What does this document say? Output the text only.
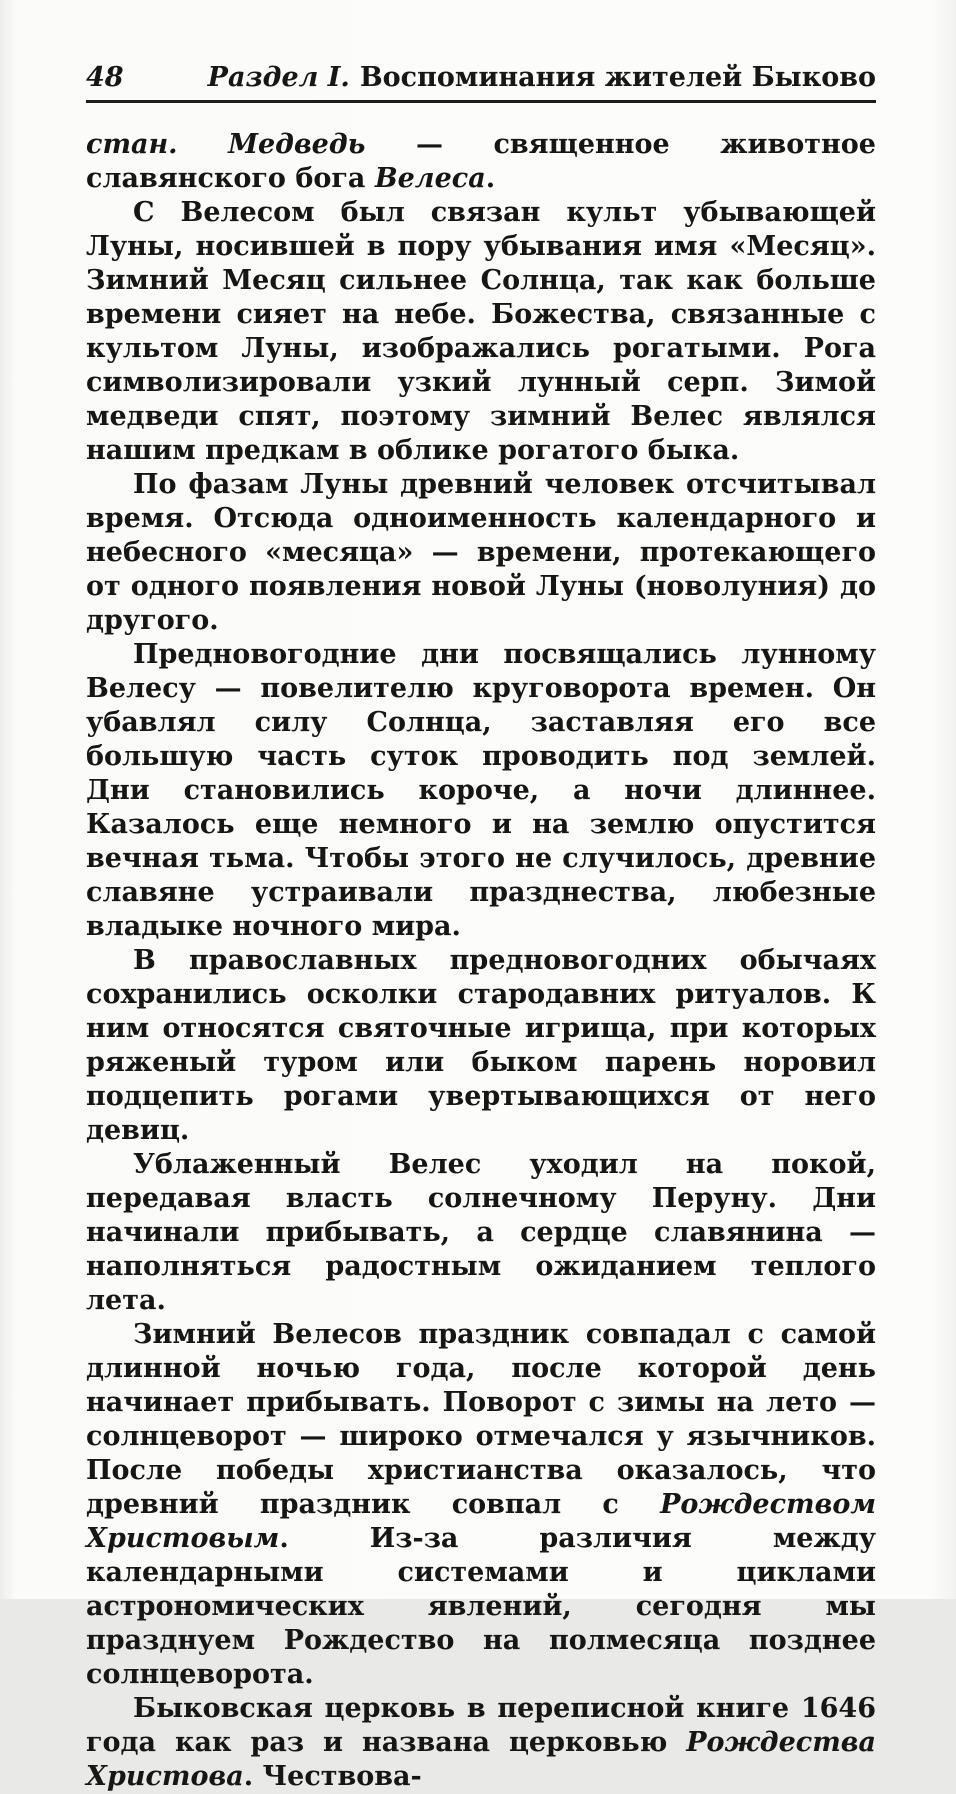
48	Раздел I. Воспоминания жителей Быково

стан. Медведь — священное животное славянского бога Велеса.

С Велесом был связан культ убывающей Луны, носившей в пору убывания имя «Месяц». Зимний Месяц сильнее Солнца, так как больше времени сияет на небе. Божества, связанные с культом Луны, изображались рогатыми. Рога символизировали узкий лунный серп. Зимой медведи спят, поэтому зимний Велес являлся нашим предкам в облике рогатого быка.

По фазам Луны древний человек отсчитывал время. Отсюда одноименность календарного и небесного «месяца» — времени, протекающего от одного появления новой Луны (новолуния) до другого.

Предновогодние дни посвящались лунному Велесу — повелителю круговорота времен. Он убавлял силу Солнца, заставляя его все большую часть суток проводить под землей. Дни становились короче, а ночи длиннее. Казалось еще немного и на землю опустится вечная тьма. Чтобы этого не случилось, древние славяне устраивали празднества, любезные владыке ночного мира.

В православных предновогодних обычаях сохранились осколки стародавних ритуалов. К ним относятся святочные игрища, при которых ряженый туром или быком парень норовил подцепить рогами увертывающихся от него девиц.

Ублаженный Велес уходил на покой, передавая власть солнечному Перуну. Дни начинали прибывать, а сердце славянина — наполняться радостным ожиданием теплого лета.

Зимний Велесов праздник совпадал с самой длинной ночью года, после которой день начинает прибывать. Поворот с зимы на лето — солнцеворот — широко отмечался у язычников. После победы христианства оказалось, что древний праздник совпал с Рождеством Христовым. Из-за различия между календарными системами и циклами астрономических явлений, сегодня мы празднуем Рождество на полмесяца позднее солнцеворота.

Быковская церковь в переписной книге 1646 года как раз и названа церковью Рождества Христова. Чествова-
